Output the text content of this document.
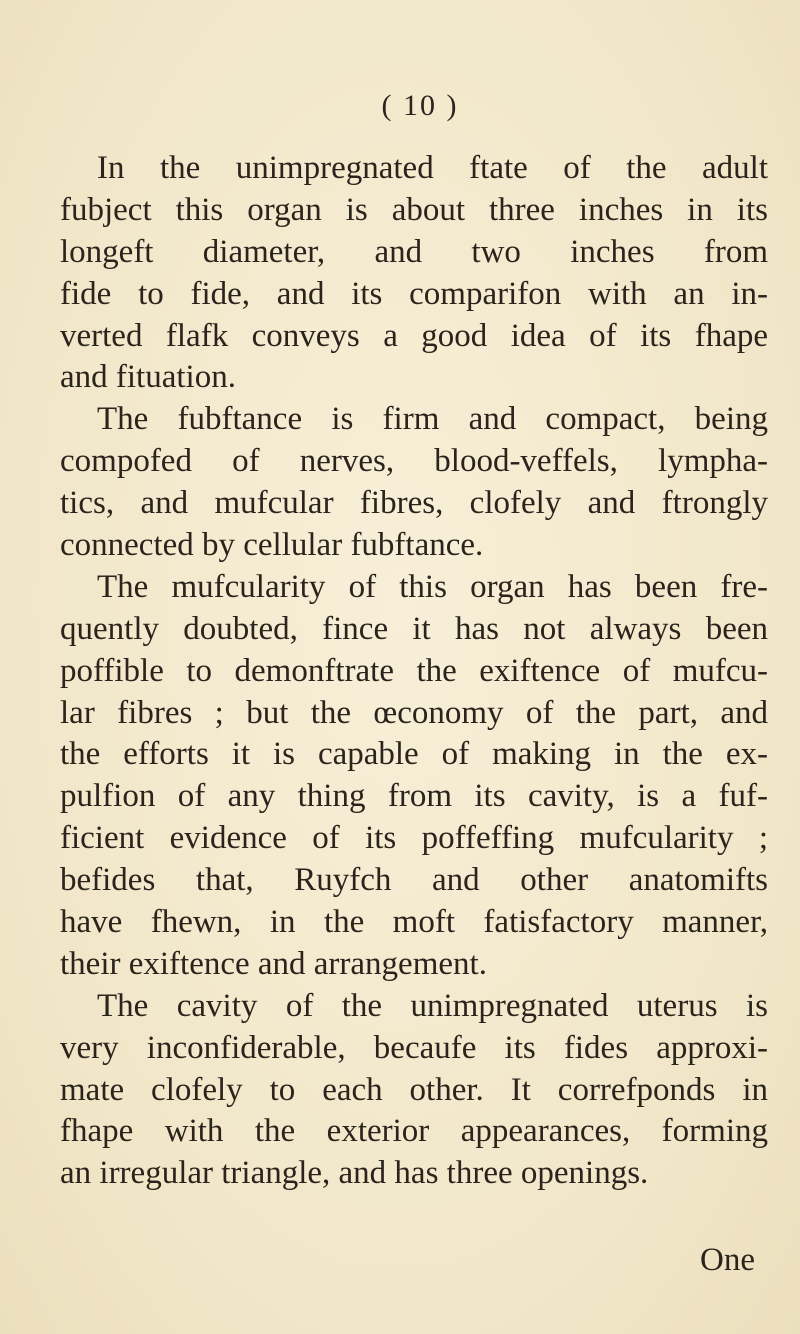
( 10 )
In the unimpregnated ftate of the adult
fubject this organ is about three inches in its
longeft diameter, and two inches from
fide to fide, and its comparifon with an in-
verted flafk conveys a good idea of its fhape
and fituation.
The fubftance is firm and compact, being
compofed of nerves, blood-veffels, lympha-
tics, and mufcular fibres, clofely and ftrongly
connected by cellular fubftance.
The mufcularity of this organ has been fre-
quently doubted, fince it has not always been
poffible to demonftrate the exiftence of mufcu-
lar fibres ; but the œconomy of the part, and
the efforts it is capable of making in the ex-
pulfion of any thing from its cavity, is a fuf-
ficient evidence of its poffeffing mufcularity ;
befides that, Ruyfch and other anatomifts
have fhewn, in the moft fatisfactory manner,
their exiftence and arrangement.
The cavity of the unimpregnated uterus is
very inconfiderable, becaufe its fides approxi-
mate clofely to each other. It correfponds in
fhape with the exterior appearances, forming
an irregular triangle, and has three openings.
One
